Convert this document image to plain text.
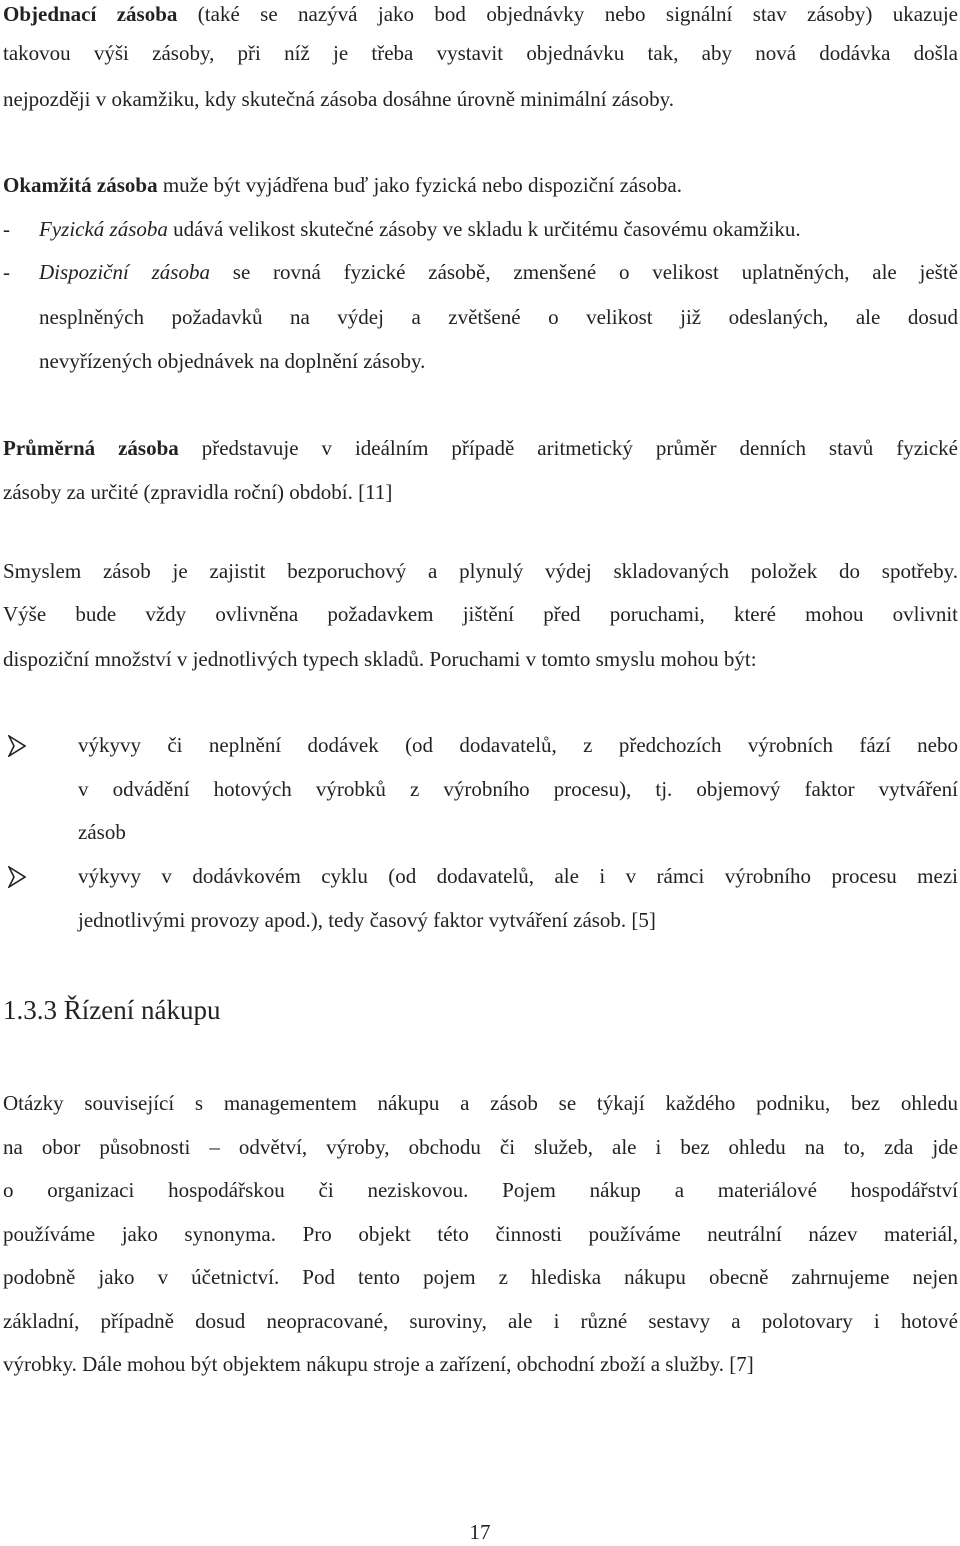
Objednací zásoba (také se nazývá jako bod objednávky nebo signální stav zásoby) ukazuje
takovou výši zásoby, při níž je třeba vystavit objednávku tak, aby nová dodávka došla
nejpozději v okamžiku, kdy skutečná zásoba dosáhne úrovně minimální zásoby.
Okamžitá zásoba muže být vyjádřena buď jako fyzická nebo dispoziční zásoba.
- Fyzická zásoba udává velikost skutečné zásoby ve skladu k určitému časovému okamžiku.
- Dispoziční zásoba se rovná fyzické zásobě, zmenšené o velikost uplatněných, ale ještě
nesplněných požadavků na výdej a zvětšené o velikost již odeslaných, ale dosud
nevyřízených objednávek na doplnění zásoby.
Průměrná zásoba představuje v ideálním případě aritmetický průměr denních stavů fyzické
zásoby za určité (zpravidla roční) období. [11]
Smyslem zásob je zajistit bezporuchový a plynulý výdej skladovaných položek do spotřeby.
Výše bude vždy ovlivněna požadavkem jištění před poruchami, které mohou ovlivnit
dispoziční množství v jednotlivých typech skladů. Poruchami v tomto smyslu mohou být:
výkyvy či neplnění dodávek (od dodavatelů, z předchozích výrobních fází nebo
v odvádění hotových výrobků z výrobního procesu), tj. objemový faktor vytváření
zásob
výkyvy v dodávkovém cyklu (od dodavatelů, ale i v rámci výrobního procesu mezi
jednotlivými provozy apod.), tedy časový faktor vytváření zásob. [5]
1.3.3 Řízení nákupu
Otázky související s managementem nákupu a zásob se týkají každého podniku, bez ohledu
na obor působnosti – odvětví, výroby, obchodu či služeb, ale i bez ohledu na to, zda jde
o organizaci hospodářskou či neziskovou. Pojem nákup a materiálové hospodářství
používáme jako synonyma. Pro objekt této činnosti používáme neutrální název materiál,
podobně jako v účetnictví. Pod tento pojem z hlediska nákupu obecně zahrnujeme nejen
základní, případně dosud neopracované, suroviny, ale i různé sestavy a polotovary i hotové
výrobky. Dále mohou být objektem nákupu stroje a zařízení, obchodní zboží a služby. [7]
17
